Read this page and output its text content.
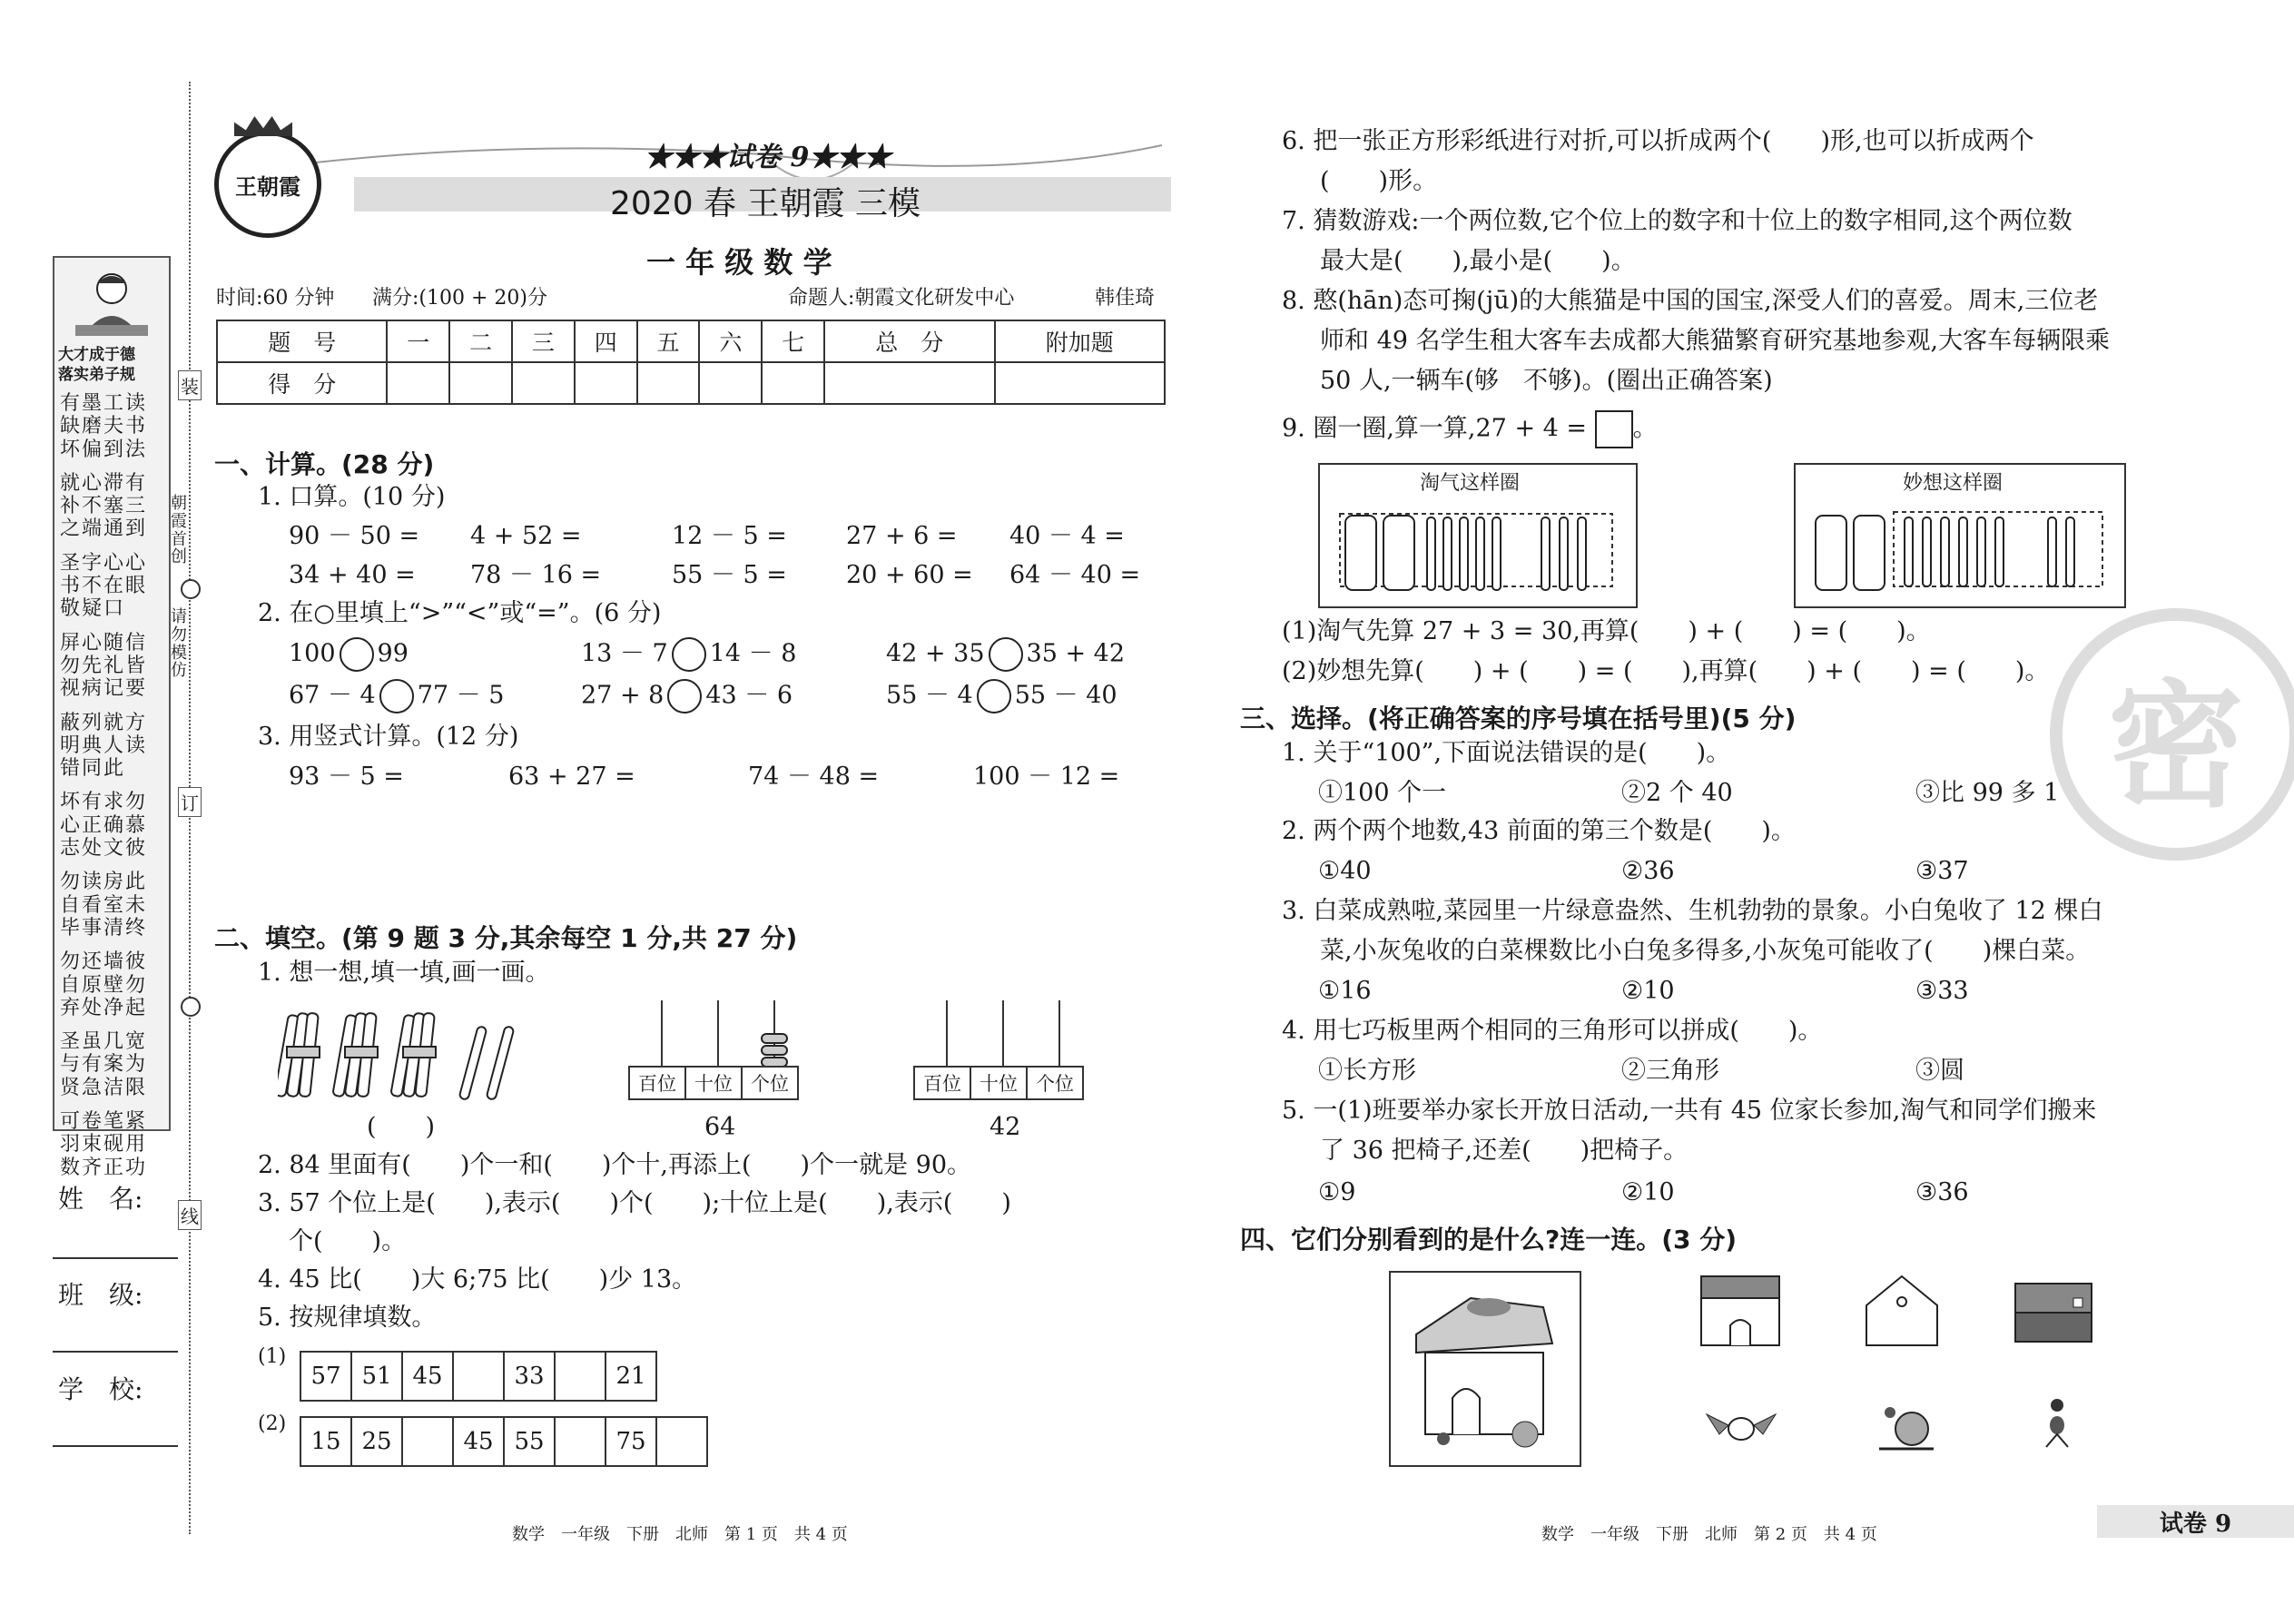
大才成于德
落实弟子规
有墨工读缺磨夫书坏偏到法
就心滞有补不塞三之端通到
圣字心心书不在眼敬疑口
屏心随信勿先礼皆视病记要
蔽列就方明典人读错同此
坏有求勿心正确慕志处文彼
勿读房此自看室未毕事清终
勿还墙彼自原壁勿弃处净起
圣虽几宽与有案为贤急洁限
可卷笔紧羽束砚用数齐正功
装
朝霞首创
请勿模仿
订
线
姓　名:
班　级:
学　校:
王朝霞
★★★试卷 9★★★
2020 春 王朝霞 三模
一 年 级 数 学
时间:60 分钟 满分:(100 + 20)分	命题人:朝霞文化研发中心	韩佳琦
题　号	一	二	三	四	五	六	七	总　分	附加题
得　分									
一、计算。(28 分)
1. 口算。(10 分)
90 － 50 = 4 + 52 =	12 － 5 = 27 + 6 = 40 － 4 =
34 + 40 = 78 － 16 =	55 － 5 = 20 + 60 = 64 － 40 =
2. 在○里填上“>”“<”或“=”。(6 分)
100 99	13 － 7 14 － 8	42 + 35 35 + 42
67 － 4 77 － 5	27 + 8 43 － 6	55 － 4 55 － 40
3. 用竖式计算。(12 分)
93 － 5 =	63 + 27 =	74 － 48 =	100 － 12 =
二、填空。(第 9 题 3 分,其余每空 1 分,共 27 分)
1. 想一想,填一填,画一画。
(　　)
百位 十位 个位
64
百位 十位 个位
42
2. 84 里面有(　　)个一和(　　)个十,再添上(　　)个一就是 90。
3. 57 个位上是(　　),表示(　　)个(　　);十位上是(　　),表示(　　)
个(　　)。
4. 45 比(　　)大 6;75 比(　　)少 13。
5. 按规律填数。
(1)
57	51	45		33		21
(2)
15	25		45	55		75	
数学　一年级　下册　北师　第 1 页　共 4 页
6. 把一张正方形彩纸进行对折,可以折成两个(　　)形,也可以折成两个
(　　)形。
7. 猜数游戏:一个两位数,它个位上的数字和十位上的数字相同,这个两位数
最大是(　　),最小是(　　)。
8. 憨(hān)态可掬(jū)的大熊猫是中国的国宝,深受人们的喜爱。周末,三位老
师和 49 名学生租大客车去成都大熊猫繁育研究基地参观,大客车每辆限乘
50 人,一辆车(够　不够)。(圈出正确答案)
9. 圈一圈,算一算,27 + 4 = 。
淘气这样圈	妙想这样圈
(1)淘气先算 27 + 3 = 30,再算(　　) + (　　) = (　　)。
(2)妙想先算(　　) + (　　) = (　　),再算(　　) + (　　) = (　　)。
三、选择。(将正确答案的序号填在括号里)(5 分)
1. 关于“100”,下面说法错误的是(　　)。
①100 个一	②2 个 40	③比 99 多 1
2. 两个两个地数,43 前面的第三个数是(　　)。
①40	②36	③37
3. 白菜成熟啦,菜园里一片绿意盎然、生机勃勃的景象。小白兔收了 12 棵白
菜,小灰兔收的白菜棵数比小白兔多得多,小灰兔可能收了(　　)棵白菜。
①16	②10	③33
4. 用七巧板里两个相同的三角形可以拼成(　　)。
①长方形	②三角形	③圆
5. 一(1)班要举办家长开放日活动,一共有 45 位家长参加,淘气和同学们搬来
了 36 把椅子,还差(　　)把椅子。
①9	②10	③36
四、它们分别看到的是什么?连一连。(3 分)
密
数学　一年级　下册　北师　第 2 页　共 4 页	试卷 9
